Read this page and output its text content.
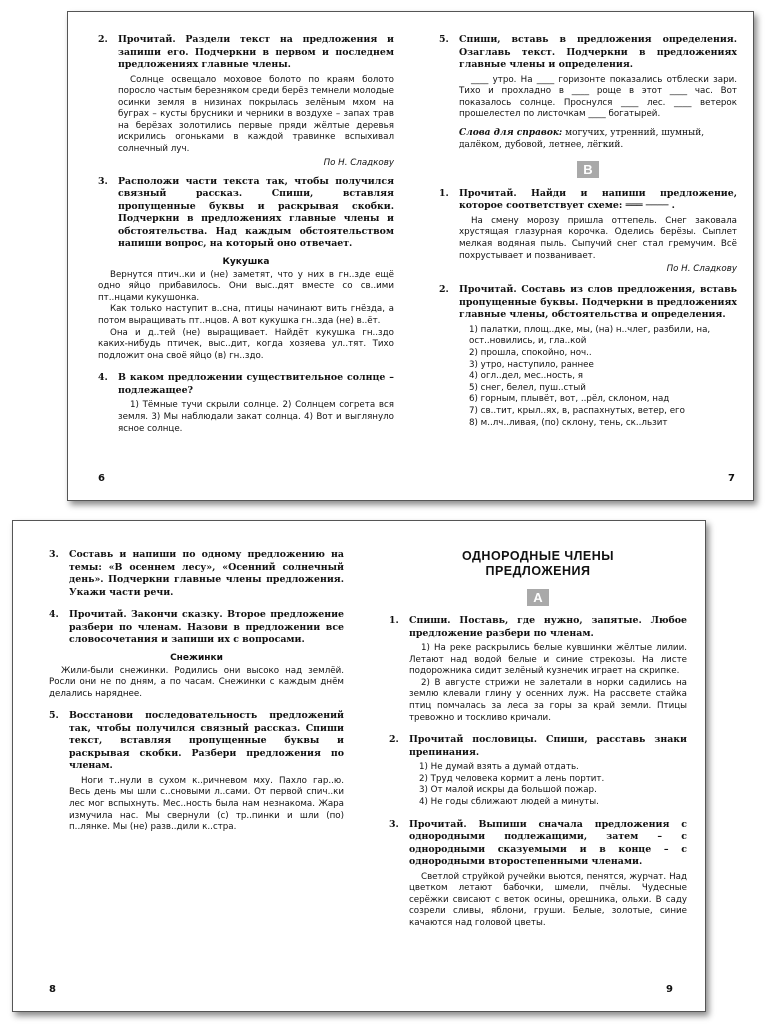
2.	Прочитай. Раздели текст на предложения и запиши его. Подчеркни в первом и последнем предложениях главные члены.
Солнце освещало моховое болото по краям болото поросло частым березняком среди берёз темнели молодые осинки земля в низинах покрылась зелёным мхом на буграх – кусты брусники и черники в воздухе – запах трав на берёзах золотились первые пряди жёлтые деревья искрились огоньками в каждой травинке вспыхивал солнечный луч.
По Н. Сладкову
3.	Расположи части текста так, чтобы получился связный рассказ. Спиши, вставляя пропущенные буквы и раскрывая скобки. Подчеркни в предложениях главные члены и обстоятельства. Над каждым обстоятельством напиши вопрос, на который оно отвечает.
Кукушка
Вернутся птич..ки и (не) заметят, что у них в гн..зде ещё одно яйцо прибавилось. Они выс..дят вместе со св..ими пт..нцами кукушонка.
Как только наступит в..сна, птицы начинают вить гнёзда, а потом выращивать пт..нцов. А вот кукушка гн..зда (не) в..ёт.
Она и д..тей (не) выращивает. Найдёт кукушка гн..здо каких-нибудь птичек, выс..дит, когда хозяева ул..тят. Тихо подложит она своё яйцо (в) гн..здо.
4.	В каком предложении существительное солнце – подлежащее?
1) Тёмные тучи скрыли солнце. 2) Солнцем согрета вся земля. 3) Мы наблюдали закат солнца. 4) Вот и выглянуло ясное солнце.
6
5.	Спиши, вставь в предложения определения. Озаглавь текст. Подчеркни в предложениях главные члены и определения.
____ утро. На ____ горизонте показались отблески зари. Тихо и прохладно в ____ роще в этот ____ час. Вот показалось солнце. Проснулся ____ лес. ____ ветерок прошелестел по листочкам ____ богатырей.
Слова для справок: могучих, утренний, шумный, далёком, дубовой, летнее, лёгкий.
B
1.	Прочитай. Найди и напиши предложение, которое соответствует схеме: ═══ ──── .
На смену морозу пришла оттепель. Снег заковала хрустящая глазурная корочка. Оделись берёзы. Сыплет мелкая водяная пыль. Сыпучий снег стал гремучим. Всё похрустывает и позванивает.
По Н. Сладкову
2.	Прочитай. Составь из слов предложения, вставь пропущенные буквы. Подчеркни в предложениях главные члены, обстоятельства и определения.
1) палатки, площ..дке, мы, (на) н..члег, разбили, на, ост..новились, и, гла..кой
2) прошла, спокойно, ноч..
3) утро, наступило, раннее
4) огл..дел, мес..ность, я
5) снег, белел, пуш..стый
6) горным, плывёт, вот, ..рёл, склоном, над
7) св..тит, крыл..ях, в, распахнутых, ветер, его
8) м..лч..ливая, (по) склону, тень, ск..льзит
7
3.	Составь и напиши по одному предложению на темы: «В осеннем лесу», «Осенний солнечный день». Подчеркни главные члены предложения. Укажи части речи.
4.	Прочитай. Закончи сказку. Второе предложение разбери по членам. Назови в предложении все словосочетания и запиши их с вопросами.
Снежинки
Жили-были снежинки. Родились они высоко над землёй. Росли они не по дням, а по часам. Снежинки с каждым днём делались наряднее.
5.	Восстанови последовательность предложений так, чтобы получился связный рассказ. Спиши текст, вставляя пропущенные буквы и раскрывая скобки. Разбери предложения по членам.
Ноги т..нули в сухом к..ричневом мху. Пахло гар..ю. Весь день мы шли с..сновыми л..сами. От первой спич..ки лес мог вспыхнуть. Мес..ность была нам незнакома. Жара измучила нас. Мы свернули (с) тр..пинки и шли (по) п..лянке. Мы (не) разв..дили к..стра.
8
ОДНОРОДНЫЕ ЧЛЕНЫ
ПРЕДЛОЖЕНИЯ
A
1.	Спиши. Поставь, где нужно, запятые. Любое предложение разбери по членам.
1) На реке раскрылись белые кувшинки жёлтые лилии. Летают над водой белые и синие стрекозы. На листе подорожника сидит зелёный кузнечик играет на скрипке.
2) В августе стрижи не залетали в норки садились на землю клевали глину у осенних луж. На рассвете стайка птиц помчалась за леса за горы за край земли. Птицы тревожно и тоскливо кричали.
2.	Прочитай пословицы. Спиши, расставь знаки препинания.
1) Не думай взять а думай отдать.
2) Труд человека кормит а лень портит.
3) От малой искры да большой пожар.
4) Не годы сближают людей а минуты.
3.	Прочитай. Выпиши сначала предложения с однородными подлежащими, затем – с однородными сказуемыми и в конце – с однородными второстепенными членами.
Светлой струйкой ручейки вьются, пенятся, журчат. Над цветком летают бабочки, шмели, пчёлы. Чудесные серёжки свисают с веток осины, орешника, ольхи. В саду созрели сливы, яблони, груши. Белые, золотые, синие качаются над головой цветы.
9
